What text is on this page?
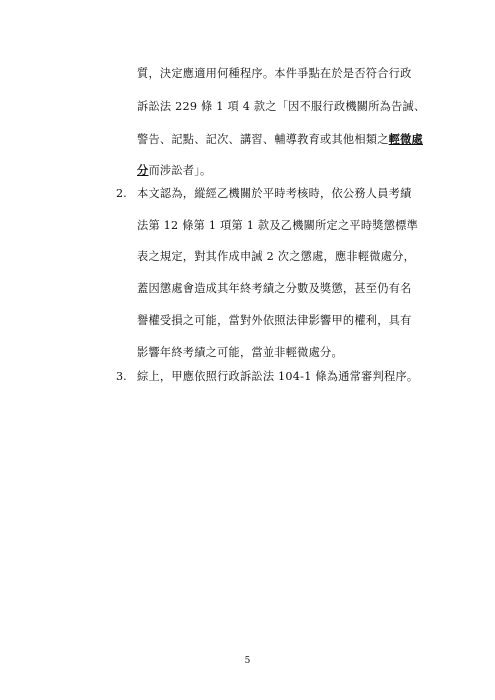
質，決定應適用何種程序。本件爭點在於是否符合行政
訴訟法 229 條 1 項 4 款之「因不服行政機關所為告誡、
警告、記點、記次、講習、輔導教育或其他相類之輕微處
分而涉訟者」。
2. 本文認為，縱經乙機關於平時考核時，依公務人員考績
法第 12 條第 1 項第 1 款及乙機關所定之平時獎懲標準
表之規定，對其作成申誡 2 次之懲處，應非輕微處分，
蓋因懲處會造成其年終考績之分數及獎懲，甚至仍有名
譽權受損之可能，當對外依照法律影響甲的權利，具有
影響年終考績之可能，當並非輕微處分。
3. 綜上，甲應依照行政訴訟法 104-1 條為通常審判程序。
5
